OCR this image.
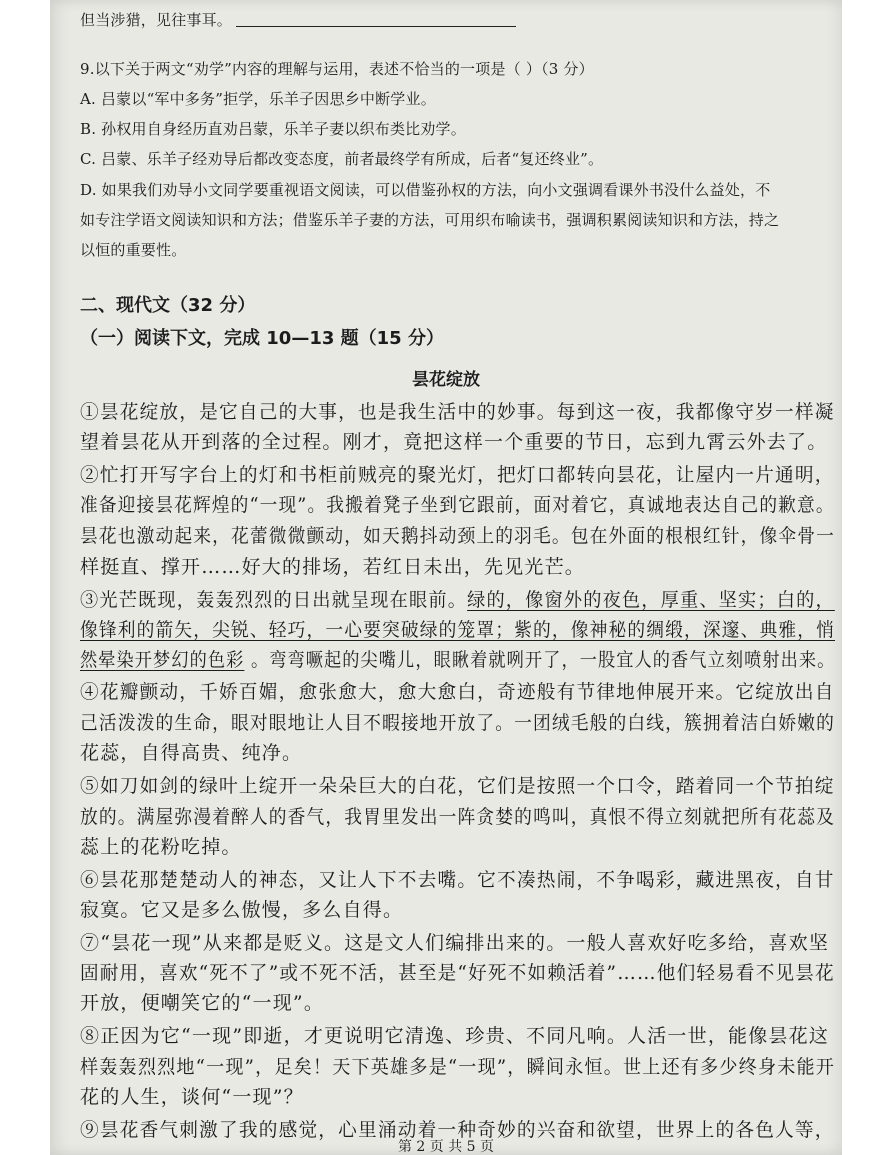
但当涉猎，见往事耳。
9.以下关于两文“劝学”内容的理解与运用，表述不恰当的一项是（ ）（3 分）
A. 吕蒙以“军中多务”拒学，乐羊子因思乡中断学业。
B. 孙权用自身经历直劝吕蒙，乐羊子妻以织布类比劝学。
C. 吕蒙、乐羊子经劝导后都改变态度，前者最终学有所成，后者“复还终业”。
D. 如果我们劝导小文同学要重视语文阅读，可以借鉴孙权的方法，向小文强调看课外书没什么益处，不
如专注学语文阅读知识和方法；借鉴乐羊子妻的方法，可用织布喻读书，强调积累阅读知识和方法，持之
以恒的重要性。
二、现代文（32 分）
（一）阅读下文，完成 10—13 题（15 分）
昙花绽放
①昙花绽放，是它自己的大事，也是我生活中的妙事。每到这一夜，我都像守岁一样凝
望着昙花从开到落的全过程。刚才，竟把这样一个重要的节日，忘到九霄云外去了。
②忙打开写字台上的灯和书柜前贼亮的聚光灯，把灯口都转向昙花，让屋内一片通明，
准备迎接昙花辉煌的“一现”。我搬着凳子坐到它跟前，面对着它，真诚地表达自己的歉意。
昙花也激动起来，花蕾微微颤动，如天鹅抖动颈上的羽毛。包在外面的根根红针，像伞骨一
样挺直、撑开……好大的排场，若红日未出，先见光芒。
③光芒既现，轰轰烈烈的日出就呈现在眼前。绿的，像窗外的夜色，厚重、坚实；白的，
像锋利的箭矢，尖锐、轻巧，一心要突破绿的笼罩；紫的，像神秘的绸缎，深邃、典雅，悄
然晕染开梦幻的色彩 。弯弯噘起的尖嘴儿，眼瞅着就咧开了，一股宜人的香气立刻喷射出来。
④花瓣颤动，千娇百媚，愈张愈大，愈大愈白，奇迹般有节律地伸展开来。它绽放出自
己活泼泼的生命，眼对眼地让人目不暇接地开放了。一团绒毛般的白线，簇拥着洁白娇嫩的
花蕊，自得高贵、纯净。
⑤如刀如剑的绿叶上绽开一朵朵巨大的白花，它们是按照一个口令，踏着同一个节拍绽
放的。满屋弥漫着醉人的香气，我胃里发出一阵贪婪的鸣叫，真恨不得立刻就把所有花蕊及
蕊上的花粉吃掉。
⑥昙花那楚楚动人的神态，又让人下不去嘴。它不凑热闹，不争喝彩，藏进黑夜，自甘
寂寞。它又是多么傲慢，多么自得。
⑦“昙花一现”从来都是贬义。这是文人们编排出来的。一般人喜欢好吃多给，喜欢坚
固耐用，喜欢“死不了”或不死不活，甚至是“好死不如赖活着”……他们轻易看不见昙花
开放，便嘲笑它的“一现”。
⑧正因为它“一现”即逝，才更说明它清逸、珍贵、不同凡响。人活一世，能像昙花这
样轰轰烈烈地“一现”，足矣！天下英雄多是“一现”，瞬间永恒。世上还有多少终身未能开
花的人生，谈何“一现”？
⑨昙花香气刺激了我的感觉，心里涌动着一种奇妙的兴奋和欲望，世界上的各色人等，
第 2 页 共 5 页
